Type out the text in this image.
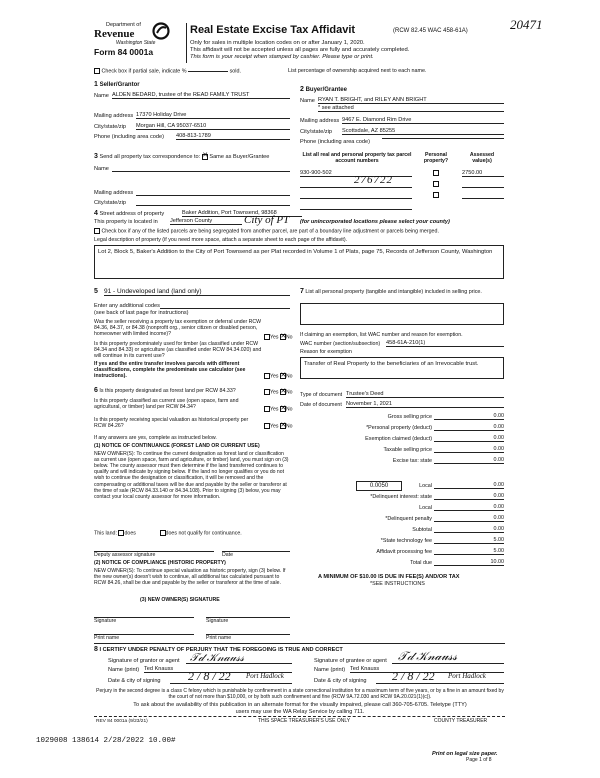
Department of
Revenue
Washington State
Form 84 0001a
Real Estate Excise Tax Affidavit	(RCW 82.45 WAC 458-61A)
Only for sales in multiple location codes on or after January 1, 2020.
This affidavit will not be accepted unless all pages are fully and accurately completed.
This form is your receipt when stamped by cashier. Please type or print.
20471
Check box if partial sale, indicate %	sold.	List percentage of ownership acquired next to each name.
1 Seller/Grantor
Name ALDEN BEDARD, trustee of the READ FAMILY TRUST
Mailing address 17370 Holiday Drive
City/state/zip Morgan Hill, CA 95037-6510
Phone (including area code) 408-813-1789
2 Buyer/Grantee
Name RYAN T. BRIGHT, and RILEY ANN BRIGHT
* see attached
Mailing address 9467 E. Diamond Rim Drive
City/state/zip Scottsdale, AZ 85255
Phone (including area code)
3 Send all property tax correspondence to: ✕ Same as Buyer/Grantee
Name
Mailing address
City/state/zip
List all real and personal property tax parcel account numbers
Personal property?
Assessed value(s)
930-900-502
276722
2750.00
4 Street address of property	Baker Addition, Port Townsend, 98368
City of PT
This property is located in Jefferson County	(for unincorporated locations please select your county)
Check box if any of the listed parcels are being segregated from another parcel, are part of a boundary line adjustment or parcels being merged.
Legal description of property (if you need more space, attach a separate sheet to each page of the affidavit).
Lot 2, Block 5, Baker's Addition to the City of Port Townsend as per Plat recorded in Volume 1 of Plats, page 75, Records of Jefferson County, Washington
5 91 - Undeveloped land (land only)
Enter any additional codes
(see back of last page for instructions)
Was the seller receiving a property tax exemption or deferral under RCW 84.36, 84.37, or 84.38 (nonprofit org., senior citizen or disabled person, homeowner with limited income)?
Yes ✕ No
Is this property predominately used for timber (as classified under RCW 84.34 and 84.33) or agriculture (as classified under RCW 84.34.020) and will continue in its current use?
If yes and the entire transfer involves parcels with different classifications, complete the predominate use calculator (see instructions).	Yes ✕ No
6 Is this property designated as forest land per RCW 84.33?	Yes ✕ No
Is this property classified as current use (open space, farm and agricultural, or timber) land per RCW 84.34?	Yes ✕ No
Is this property receiving special valuation as historical property per RCW 84.26?	Yes ✕ No
If any answers are yes, complete as instructed below.
(1) NOTICE OF CONTINUANCE (FOREST LAND OR CURRENT USE)
NEW OWNER(S): To continue the current designation as forest land or classification as current use (open space, farm and agriculture, or timber) land, you must sign on (3) below. The county assessor must then determine if the land transferred continues to qualify and will indicate by signing below. If the land no longer qualifies or you do not wish to continue the designation or classification, it will be removed and the compensating or additional taxes will be due and payable by the seller or transferor at the time of sale (RCW 84.33.140 or 84.34.108). Prior to signing (3) below, you may contact your local county assessor for more information.
This land: does	does not qualify for continuance.
Deputy assessor signature	Date
(2) NOTICE OF COMPLIANCE (HISTORIC PROPERTY)
NEW OWNER(S): To continue special valuation as historic property, sign (3) below. If the new owner(s) doesn't wish to continue, all additional tax calculated pursuant to RCW 84.26, shall be due and payable by the seller or transferor at the time of sale.
(3) NEW OWNER(S) SIGNATURE
Signature	Signature
Print name	Print name
7 List all personal property (tangible and intangible) included in selling price.
If claiming an exemption, list WAC number and reason for exemption.
WAC number (section/subsection) 458-61A-210(1)
Reason for exemption
Transfer of Real Property to the beneficiaries of an Irrevocable trust.
Type of document Trustee's Deed
Date of document November 1, 2021
Gross selling price	0.00
*Personal property (deduct)	0.00
Exemption claimed (deduct)	0.00
Taxable selling price	0.00
Excise tax: state	0.00
0.0050	Local	0.00
*Delinquent interest: state	0.00
Local	0.00
*Delinquent penalty	0.00
Subtotal	0.00
*State technology fee	5.00
Affidavit processing fee	5.00
Total due	10.00
A MINIMUM OF $10.00 IS DUE IN FEE(S) AND/OR TAX
*SEE INSTRUCTIONS
8 I CERTIFY UNDER PENALTY OF PERJURY THAT THE FOREGOING IS TRUE AND CORRECT
Signature of grantor or agent 𝒯𝒹 𝒦𝓃𝒶𝓊𝓈𝓈	Signature of grantee or agent 𝒯𝒹 𝒦𝓃𝒶𝓊𝓈𝓈
Name (print) Ted Knauss	Name (print) Ted Knauss
Date & city of signing 2 / 8 / 22 Port Hadlock
Date & city of signing 2 / 8 / 22 Port Hadlock
Perjury in the second degree is a class C felony which is punishable by confinement in a state correctional institution for a maximum term of five years, or by a fine in an amount fixed by the court of not more than $10,000, or by both such confinement and fine (RCW 9A.72.030 and RCW 9A.20.021(1)(c)).
To ask about the availability of this publication in an alternate format for the visually impaired, please call 360-705-6705. Teletype (TTY) users may use the WA Relay Service by calling 711.
REV 84 0001a (9/23/21)	THIS SPACE TREASURER'S USE ONLY	COUNTY TREASURER
1029008 138614 2/28/2022 10.00#
Print on legal size paper.
Page 1 of 8
